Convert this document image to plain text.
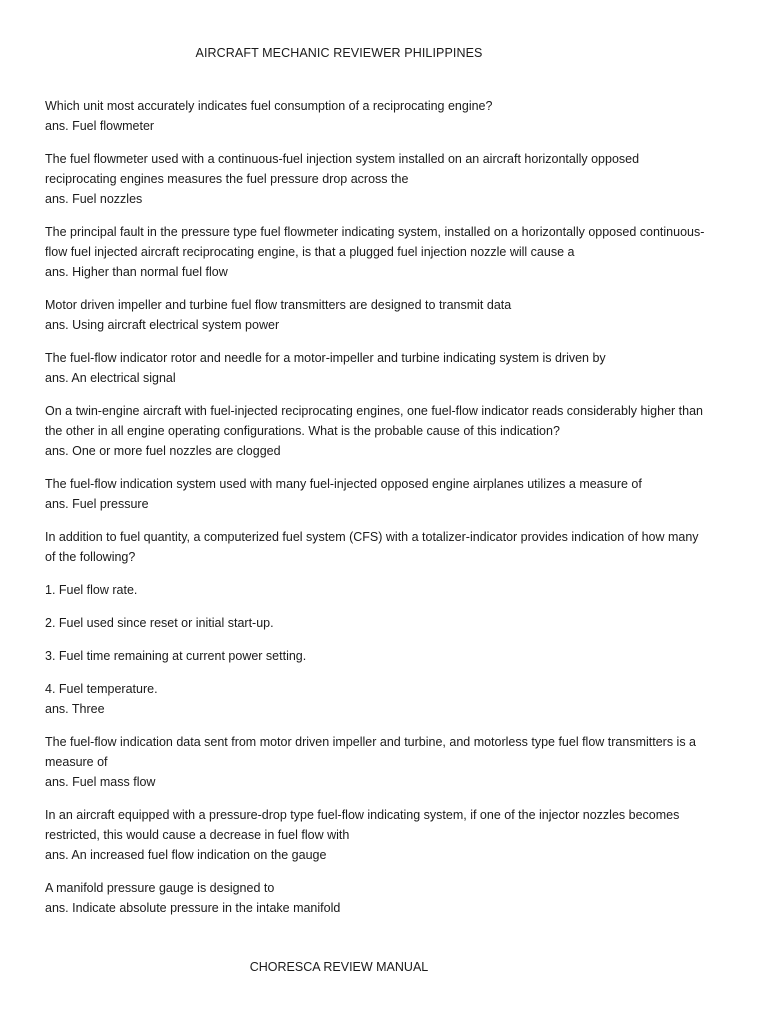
AIRCRAFT MECHANIC REVIEWER PHILIPPINES
Which unit most accurately indicates fuel consumption of a reciprocating engine?
ans. Fuel flowmeter
The fuel flowmeter used with a continuous-fuel injection system installed on an aircraft horizontally opposed
reciprocating engines measures the fuel pressure drop across the
ans. Fuel nozzles
The principal fault in the pressure type fuel flowmeter indicating system, installed on a horizontally opposed continuous-
flow fuel injected aircraft reciprocating engine, is that a plugged fuel injection nozzle will cause a
ans. Higher than normal fuel flow
Motor driven impeller and turbine fuel flow transmitters are designed to transmit data
ans. Using aircraft electrical system power
The fuel-flow indicator rotor and needle for a motor-impeller and turbine indicating system is driven by
ans. An electrical signal
On a twin-engine aircraft with fuel-injected reciprocating engines, one fuel-flow indicator reads considerably higher than
the other in all engine operating configurations. What is the probable cause of this indication?
ans. One or more fuel nozzles are clogged
The fuel-flow indication system used with many fuel-injected opposed engine airplanes utilizes a measure of
ans. Fuel pressure
In addition to fuel quantity, a computerized fuel system (CFS) with a totalizer-indicator provides indication of how many
of the following?
1. Fuel flow rate.
2. Fuel used since reset or initial start-up.
3. Fuel time remaining at current power setting.
4. Fuel temperature.
ans. Three
The fuel-flow indication data sent from motor driven impeller and turbine, and motorless type fuel flow transmitters is a
measure of
ans. Fuel mass flow
In an aircraft equipped with a pressure-drop type fuel-flow indicating system, if one of the injector nozzles becomes
restricted, this would cause a decrease in fuel flow with
ans. An increased fuel flow indication on the gauge
A manifold pressure gauge is designed to
ans. Indicate absolute pressure in the intake manifold
CHORESCA REVIEW MANUAL
